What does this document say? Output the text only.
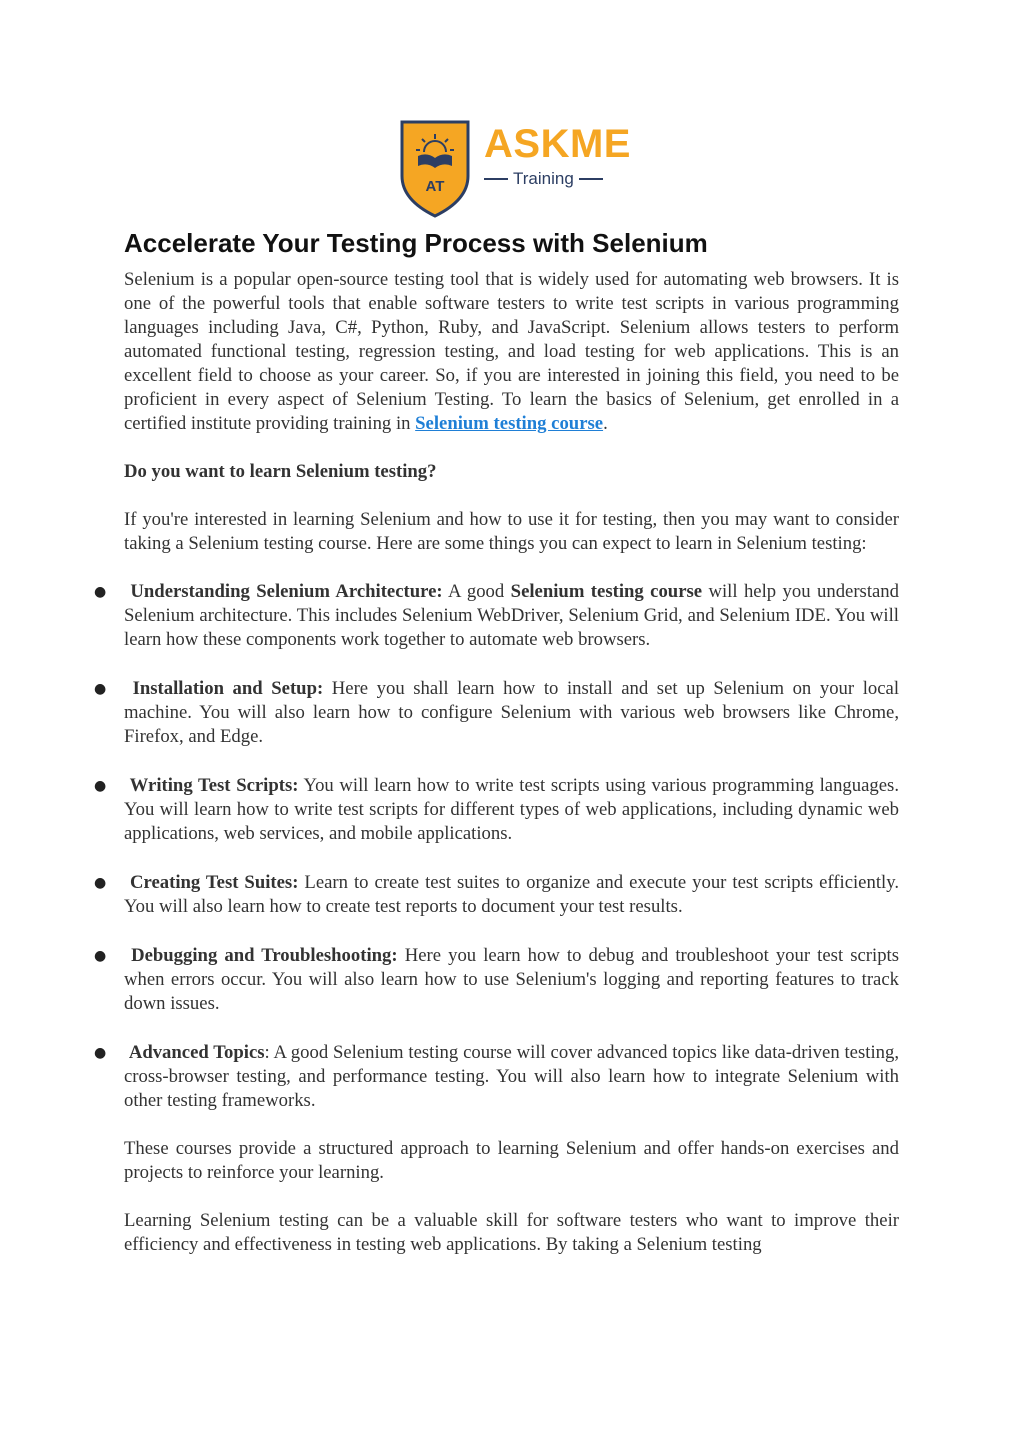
AT
ASKME
Training
Accelerate Your Testing Process with Selenium

Selenium is a popular open-source testing tool that is widely used for automating web browsers. It is one of the powerful tools that enable software testers to write test scripts in various programming languages including Java, C#, Python, Ruby, and JavaScript. Selenium allows testers to perform automated functional testing, regression testing, and load testing for web applications. This is an excellent field to choose as your career. So, if you are interested in joining this field, you need to be proficient in every aspect of Selenium Testing. To learn the basics of Selenium, get enrolled in a certified institute providing training in Selenium testing course.

Do you want to learn Selenium testing?

If you're interested in learning Selenium and how to use it for testing, then you may want to consider taking a Selenium testing course. Here are some things you can expect to learn in Selenium testing:

● Understanding Selenium Architecture: A good Selenium testing course will help you understand Selenium architecture. This includes Selenium WebDriver, Selenium Grid, and Selenium IDE. You will learn how these components work together to automate web browsers.
● Installation and Setup: Here you shall learn how to install and set up Selenium on your local machine. You will also learn how to configure Selenium with various web browsers like Chrome, Firefox, and Edge.
● Writing Test Scripts: You will learn how to write test scripts using various programming languages. You will learn how to write test scripts for different types of web applications, including dynamic web applications, web services, and mobile applications.
● Creating Test Suites: Learn to create test suites to organize and execute your test scripts efficiently. You will also learn how to create test reports to document your test results.
● Debugging and Troubleshooting: Here you learn how to debug and troubleshoot your test scripts when errors occur. You will also learn how to use Selenium's logging and reporting features to track down issues.
● Advanced Topics: A good Selenium testing course will cover advanced topics like data-driven testing, cross-browser testing, and performance testing. You will also learn how to integrate Selenium with other testing frameworks.

These courses provide a structured approach to learning Selenium and offer hands-on exercises and projects to reinforce your learning.

Learning Selenium testing can be a valuable skill for software testers who want to improve their efficiency and effectiveness in testing web applications. By taking a Selenium testing
